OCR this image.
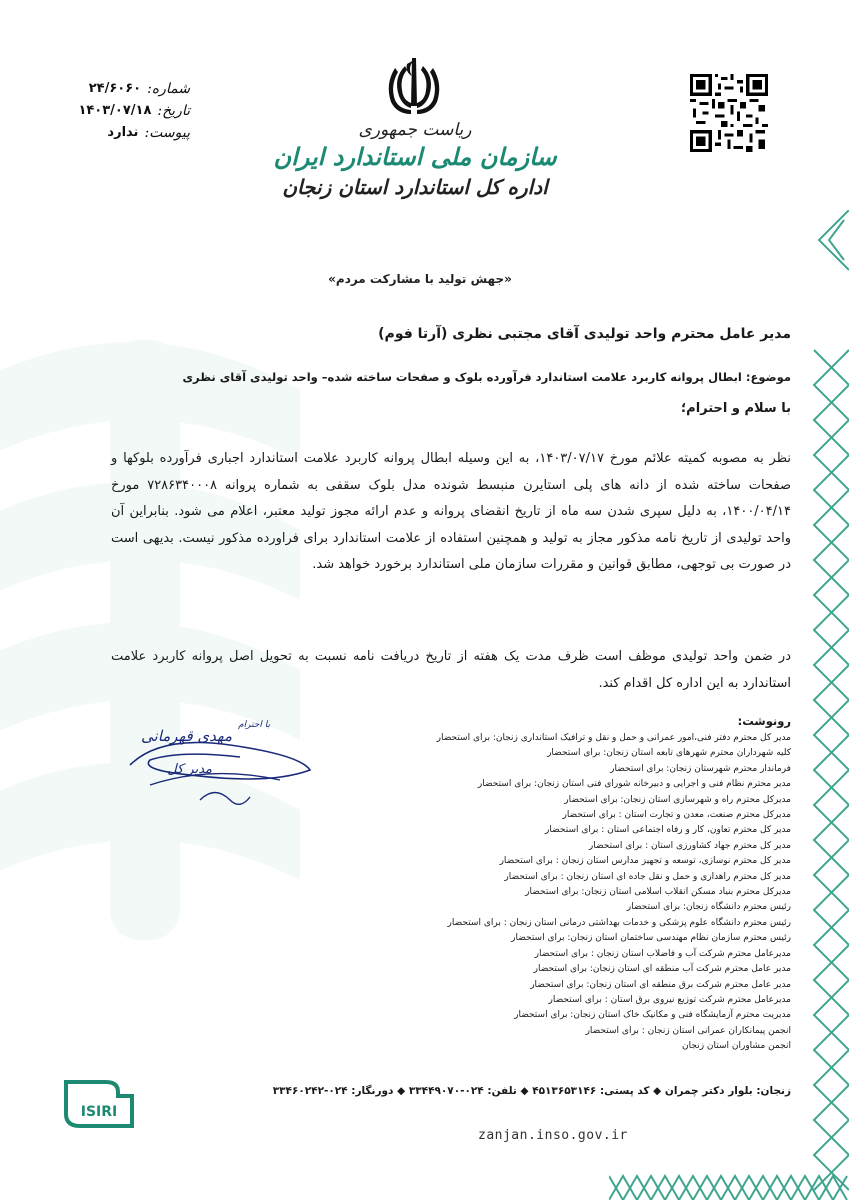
شماره:
۲۴/۶۰۶۰
تاریخ:
۱۴۰۳/۰۷/۱۸
پیوست:
ندارد	ریاست جمهوری
سازمان ملی استاندارد ایران
اداره کل استاندارد استان زنجان
«جهش تولید با مشارکت مردم»
مدیر عامل محترم واحد تولیدی آقای مجتبی نظری (آرتا فوم)
موضوع: ابطال پروانه کاربرد علامت استاندارد فرآورده بلوک و صفحات ساخته شده– واحد تولیدی آقای نظری
با سلام و احترام؛

نظر به مصوبه کمیته علائم مورخ ۱۴۰۳/۰۷/۱۷، به این وسیله ابطال پروانه کاربرد علامت استاندارد اجباری فرآورده بلوکها و صفحات ساخته شده از دانه های پلی استایرن منبسط شونده مدل بلوک سقفی به شماره پروانه ۷۲۸۶۳۴۰۰۰۸ مورخ ۱۴۰۰/۰۴/۱۴، به دلیل سپری شدن سه ماه از تاریخ انقضای پروانه و عدم ارائه مجوز تولید معتبر، اعلام می شود. بنابراین آن واحد تولیدی از تاریخ نامه مذکور مجاز به تولید و همچنین استفاده از علامت استاندارد برای فراورده مذکور نیست. بدیهی است در صورت بی توجهی، مطابق قوانین و مقررات سازمان ملی استاندارد برخورد خواهد شد.

در ضمن واحد تولیدی موظف است ظرف مدت یک هفته از تاریخ دریافت نامه نسبت به تحویل اصل پروانه کاربرد علامت استاندارد به این اداره کل اقدام کند.

رونوشت:
مدیر کل محترم دفتر فنی،امور عمرانی و حمل و نقل و ترافیک استانداری زنجان: برای استحضار
کلیه شهرداران محترم شهرهای تابعه استان زنجان: برای استحضار
فرماندار محترم شهرستان زنجان: برای استحضار
مدیر محترم نظام فنی و اجرایی و دبیرخانه شورای فنی استان زنجان: برای استحضار
مدیرکل محترم راه و شهرسازی استان زنجان: برای استحضار
مدیرکل محترم صنعت، معدن و تجارت استان : برای استحضار
مدیر کل محترم تعاون، کار و رفاه اجتماعی استان : برای استحضار
مدیر کل محترم جهاد کشاورزی استان : برای استحضار
مدیر کل محترم نوسازی، توسعه و تجهیز مدارس استان زنجان : برای استحضار
مدیر کل محترم راهداری و حمل و نقل جاده ای استان زنجان : برای استحضار
مدیرکل محترم بنیاد مسکن انقلاب اسلامی استان زنجان: برای استحضار
رئیس محترم دانشگاه زنجان: برای استحضار
رئیس محترم دانشگاه علوم پزشکی و خدمات بهداشتی درمانی استان زنجان : برای استحضار
رئیس محترم سازمان نظام مهندسی ساختمان استان زنجان: برای استحضار
مدیرعامل محترم شرکت آب و فاضلاب استان زنجان : برای استحضار
مدیر عامل محترم شرکت آب منطقه ای استان زنجان: برای استحضار
مدیر عامل محترم شرکت برق منطقه ای استان زنجان: برای استحضار
مدیرعامل محترم شرکت توزیع نیروی برق استان : برای استحضار
مدیریت محترم آزمایشگاه فنی و مکانیک خاک استان زنجان: برای استحضار
انجمن پیمانکاران عمرانی استان زنجان : برای استحضار
انجمن مشاوران استان زنجان
با احترام
مهدی قهرمانی
مدیر کل
زنجان: بلوار دکتر چمران ◆ کد پستی: ۴۵۱۳۶۵۳۱۴۶ ◆ تلفن: ۰۲۴-۳۳۴۴۹۰۷۰ ◆ دورنگار: ۰۲۴-۳۳۴۶۰۲۴۲
zanjan.inso.gov.ir
ISIRI
